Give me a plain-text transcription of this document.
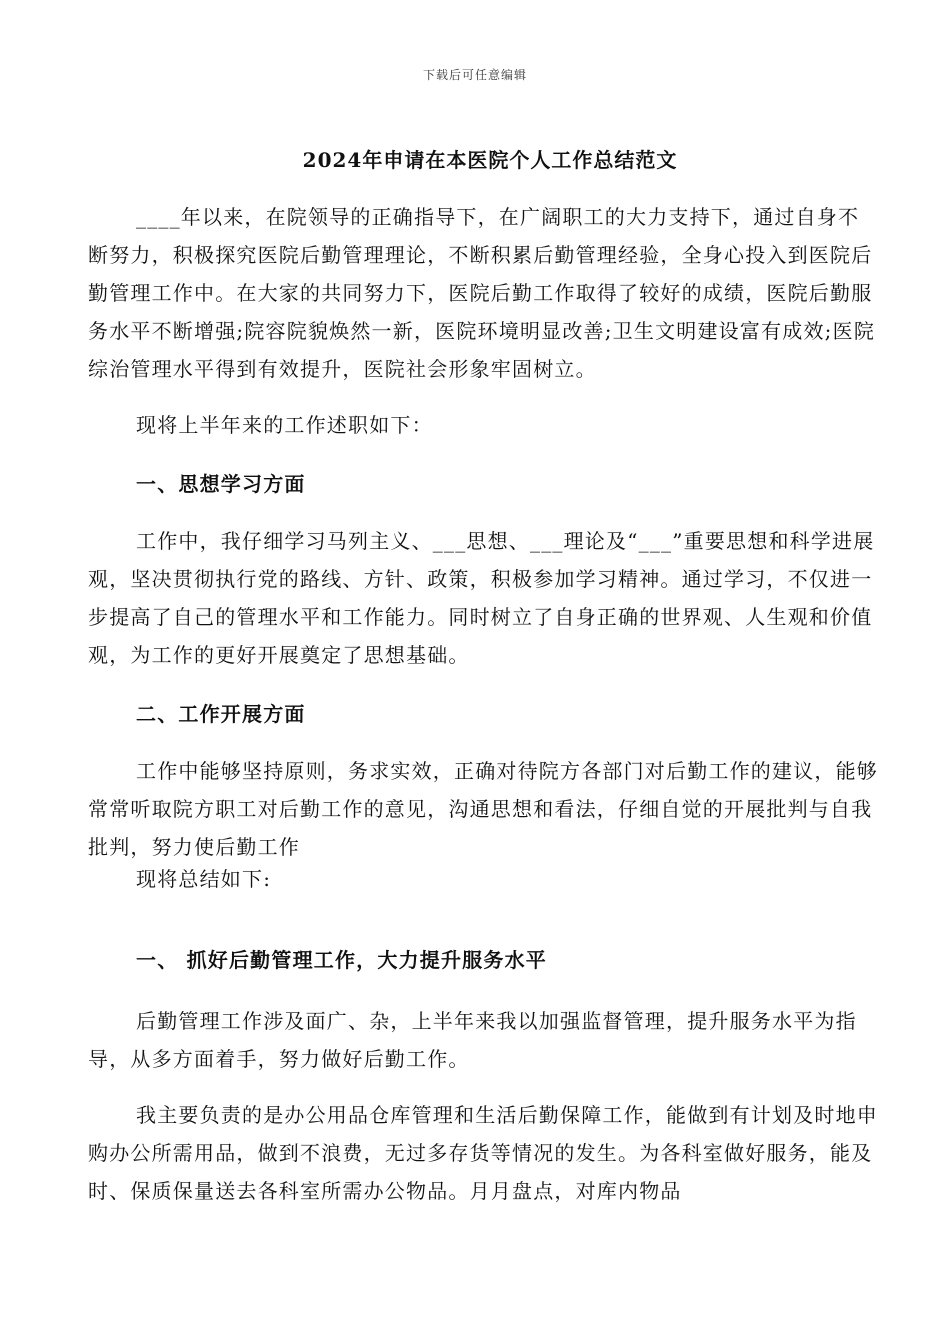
下载后可任意编辑
2024年申请在本医院个人工作总结范文

____年以来，在院领导的正确指导下，在广阔职工的大力支持下，通过自身不断努力，积极探究医院后勤管理理论，不断积累后勤管理经验，全身心投入到医院后勤管理工作中。在大家的共同努力下，医院后勤工作取得了较好的成绩，医院后勤服务水平不断增强;院容院貌焕然一新，医院环境明显改善;卫生文明建设富有成效;医院综治管理水平得到有效提升，医院社会形象牢固树立。

现将上半年来的工作述职如下：

一、思想学习方面

工作中，我仔细学习马列主义、___思想、___理论及“___”重要思想和科学进展观，坚决贯彻执行党的路线、方针、政策，积极参加学习精神。通过学习，不仅进一步提高了自己的管理水平和工作能力。同时树立了自身正确的世界观、人生观和价值观，为工作的更好开展奠定了思想基础。

二、工作开展方面

工作中能够坚持原则，务求实效，正确对待院方各部门对后勤工作的建议，能够常常听取院方职工对后勤工作的意见，沟通思想和看法，仔细自觉的开展批判与自我批判，努力使后勤工作

现将总结如下:

一、 抓好后勤管理工作，大力提升服务水平

后勤管理工作涉及面广、杂，上半年来我以加强监督管理，提升服务水平为指导，从多方面着手，努力做好后勤工作。

我主要负责的是办公用品仓库管理和生活后勤保障工作，能做到有计划及时地申购办公所需用品，做到不浪费，无过多存货等情况的发生。为各科室做好服务，能及时、保质保量送去各科室所需办公物品。月月盘点，对库内物品
